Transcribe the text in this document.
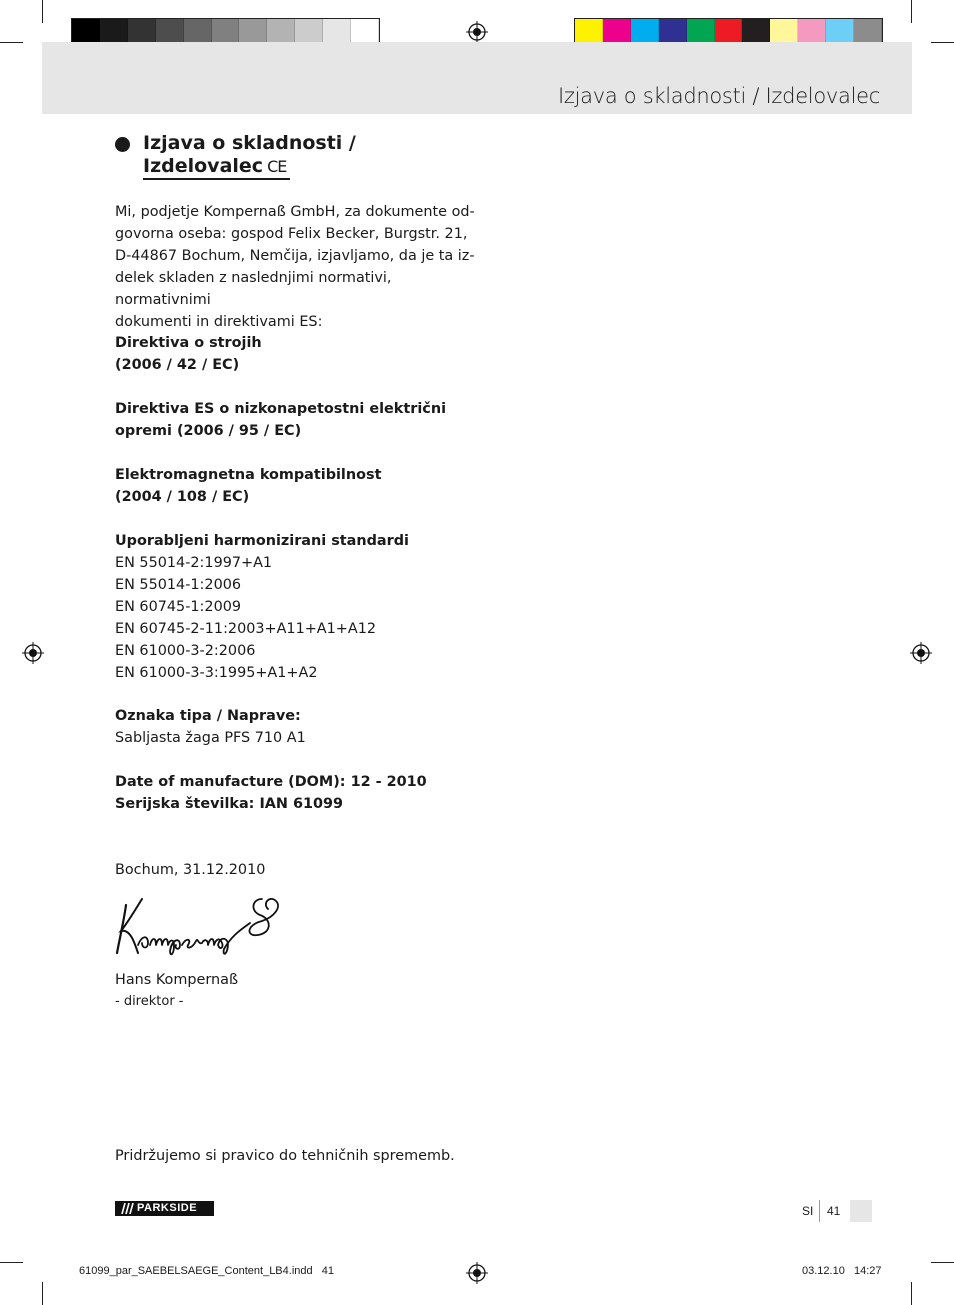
Izjava o skladnosti / Izdelovalec
Izjava o skladnosti /
Izdelovalec CE
Mi, podjetje Kompernaß GmbH, za dokumente od-
govorna oseba: gospod Felix Becker, Burgstr. 21,
D-44867 Bochum, Nemčija, izjavljamo, da je ta iz-
delek skladen z naslednjimi normativi, normativnimi
dokumenti in direktivami ES:
Direktiva o strojih
(2006 / 42 / EC)
Direktiva ES o nizkonapetostni električni
opremi (2006 / 95 / EC)
Elektromagnetna kompatibilnost
(2004 / 108 / EC)
Uporabljeni harmonizirani standardi
EN 55014-2:1997+A1
EN 55014-1:2006
EN 60745-1:2009
EN 60745-2-11:2003+A11+A1+A12
EN 61000-3-2:2006
EN 61000-3-3:1995+A1+A2
Oznaka tipa / Naprave:
Sabljasta žaga PFS 710 A1
Date of manufacture (DOM): 12 - 2010
Serijska številka: IAN 61099
Bochum, 31.12.2010
Hans Kompernaß
- direktor -
Pridržujemo si pravico do tehničnih sprememb.
PARKSIDE	SI 41
61099_par_SAEBELSAEGE_Content_LB4.indd   41	03.12.10   14:27
